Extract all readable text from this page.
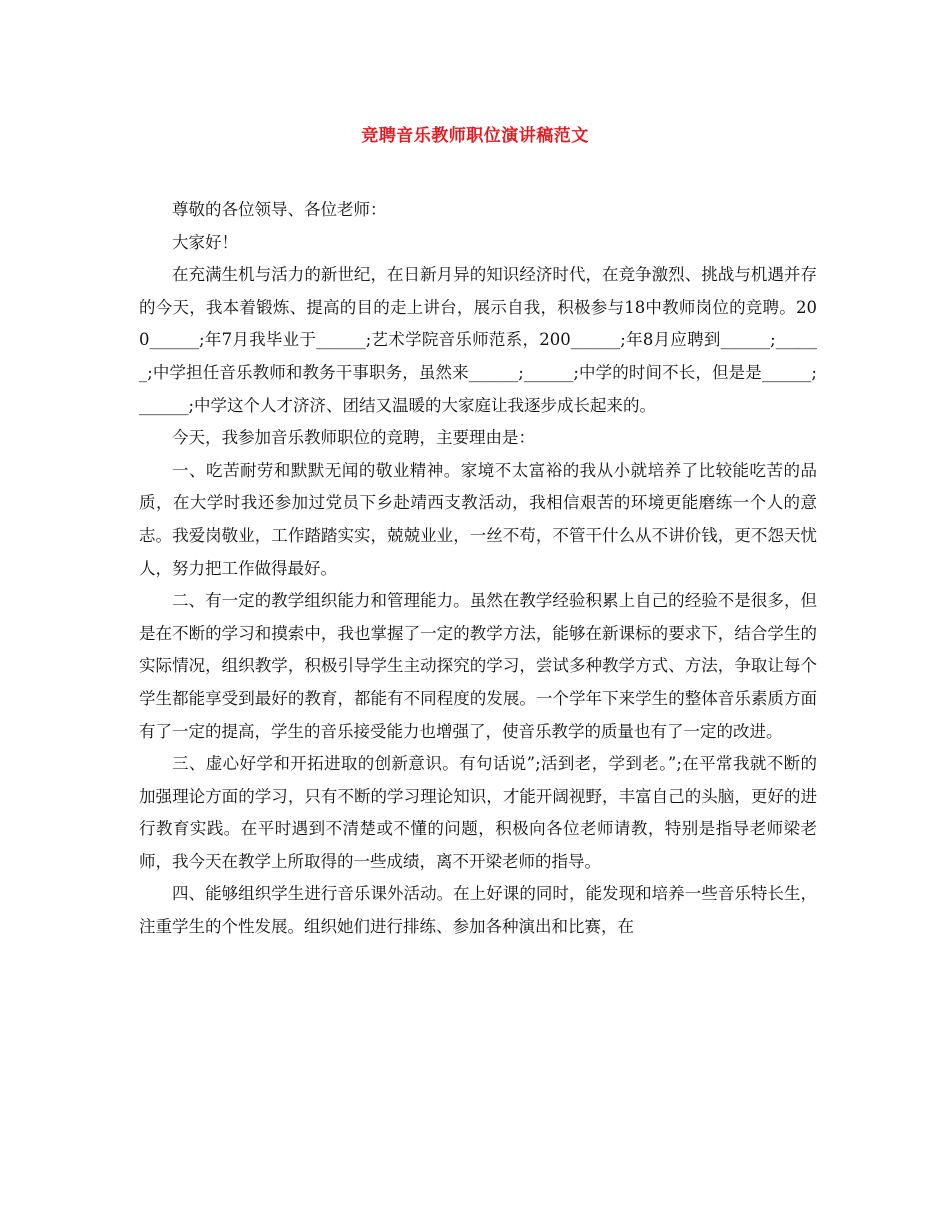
竞聘音乐教师职位演讲稿范文

尊敬的各位领导、各位老师：

大家好！

在充满生机与活力的新世纪，在日新月异的知识经济时代，在竞争激烈、挑战与机遇并存的今天，我本着锻炼、提高的目的走上讲台，展示自我，积极参与18中教师岗位的竞聘。200______;年7月我毕业于______;艺术学院音乐师范系，200______;年8月应聘到______;______;中学担任音乐教师和教务干事职务，虽然来______;______;中学的时间不长，但是是______;______;中学这个人才济济、团结又温暖的大家庭让我逐步成长起来的。

今天，我参加音乐教师职位的竞聘，主要理由是：

一、吃苦耐劳和默默无闻的敬业精神。家境不太富裕的我从小就培养了比较能吃苦的品质，在大学时我还参加过党员下乡赴靖西支教活动，我相信艰苦的环境更能磨练一个人的意志。我爱岗敬业，工作踏踏实实，兢兢业业，一丝不苟，不管干什么从不讲价钱，更不怨天忧人，努力把工作做得最好。

二、有一定的教学组织能力和管理能力。虽然在教学经验积累上自己的经验不是很多，但是在不断的学习和摸索中，我也掌握了一定的教学方法，能够在新课标的要求下，结合学生的实际情况，组织教学，积极引导学生主动探究的学习，尝试多种教学方式、方法，争取让每个学生都能享受到最好的教育，都能有不同程度的发展。一个学年下来学生的整体音乐素质方面有了一定的提高，学生的音乐接受能力也增强了，使音乐教学的质量也有了一定的改进。

三、虚心好学和开拓进取的创新意识。有句话说”;活到老，学到老。”;在平常我就不断的加强理论方面的学习，只有不断的学习理论知识，才能开阔视野，丰富自己的头脑，更好的进行教育实践。在平时遇到不清楚或不懂的问题，积极向各位老师请教，特别是指导老师梁老师，我今天在教学上所取得的一些成绩，离不开梁老师的指导。

四、能够组织学生进行音乐课外活动。在上好课的同时，能发现和培养一些音乐特长生，注重学生的个性发展。组织她们进行排练、参加各种演出和比赛，在
